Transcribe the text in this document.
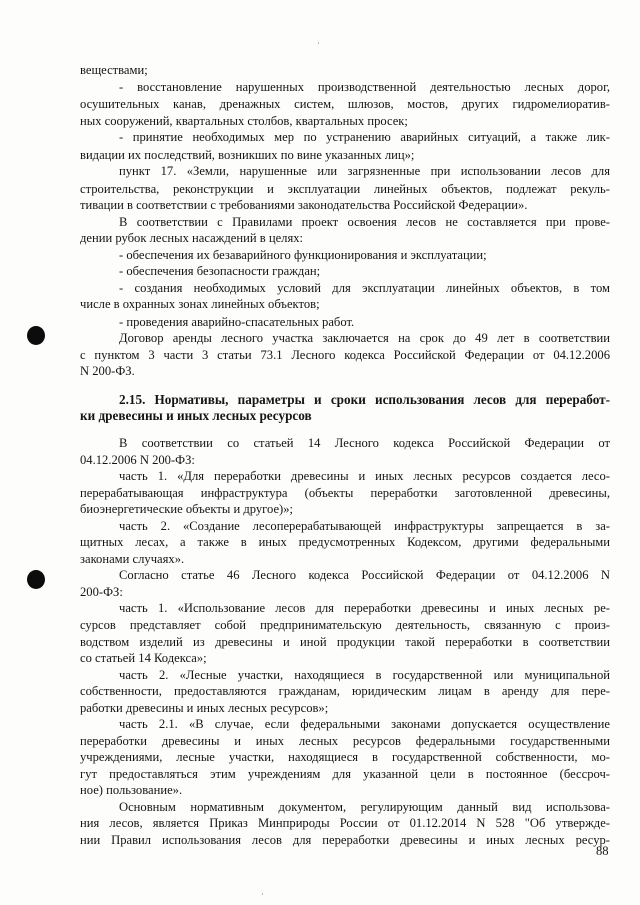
веществами;
- восстановление нарушенных производственной деятельностью лесных дорог,
осушительных канав, дренажных систем, шлюзов, мостов, других гидромелиоратив-
ных сооружений, квартальных столбов, квартальных просек;
- принятие необходимых мер по устранению аварийных ситуаций, а также лик-
видации их последствий, возникших по вине указанных лиц»;
пункт 17. «Земли, нарушенные или загрязненные при использовании лесов для
строительства, реконструкции и эксплуатации линейных объектов, подлежат рекуль-
тивации в соответствии с требованиями законодательства Российской Федерации».
В соответствии с Правилами проект освоения лесов не составляется при прове-
дении рубок лесных насаждений в целях:
- обеспечения их безаварийного функционирования и эксплуатации;
- обеспечения безопасности граждан;
- создания необходимых условий для эксплуатации линейных объектов, в том
числе в охранных зонах линейных объектов;
- проведения аварийно-спасательных работ.
Договор аренды лесного участка заключается на срок до 49 лет в соответствии
с пунктом 3 части 3 статьи 73.1 Лесного кодекса Российской Федерации от 04.12.2006
N 200-ФЗ.
2.15. Нормативы, параметры и сроки использования лесов для переработ-
ки древесины и иных лесных ресурсов
В соответствии со статьей 14 Лесного кодекса Российской Федерации от
04.12.2006 N 200-ФЗ:
часть 1. «Для переработки древесины и иных лесных ресурсов создается лесо-
перерабатывающая инфраструктура (объекты переработки заготовленной древесины,
биоэнергетические объекты и другое)»;
часть 2. «Создание лесоперерабатывающей инфраструктуры запрещается в за-
щитных лесах, а также в иных предусмотренных Кодексом, другими федеральными
законами случаях».
Согласно статье 46 Лесного кодекса Российской Федерации от 04.12.2006 N
200-ФЗ:
часть 1. «Использование лесов для переработки древесины и иных лесных ре-
сурсов представляет собой предпринимательскую деятельность, связанную с произ-
водством изделий из древесины и иной продукции такой переработки в соответствии
со статьей 14 Кодекса»;
часть 2. «Лесные участки, находящиеся в государственной или муниципальной
собственности, предоставляются гражданам, юридическим лицам в аренду для пере-
работки древесины и иных лесных ресурсов»;
часть 2.1. «В случае, если федеральными законами допускается осуществление
переработки древесины и иных лесных ресурсов федеральными государственными
учреждениями, лесные участки, находящиеся в государственной собственности, мо-
гут предоставляться этим учреждениям для указанной цели в постоянное (бессроч-
ное) пользование».
Основным нормативным документом, регулирующим данный вид использова-
ния лесов, является Приказ Минприроды России от 01.12.2014 N 528 "Об утвержде-
нии Правил использования лесов для переработки древесины и иных лесных ресур-
88
